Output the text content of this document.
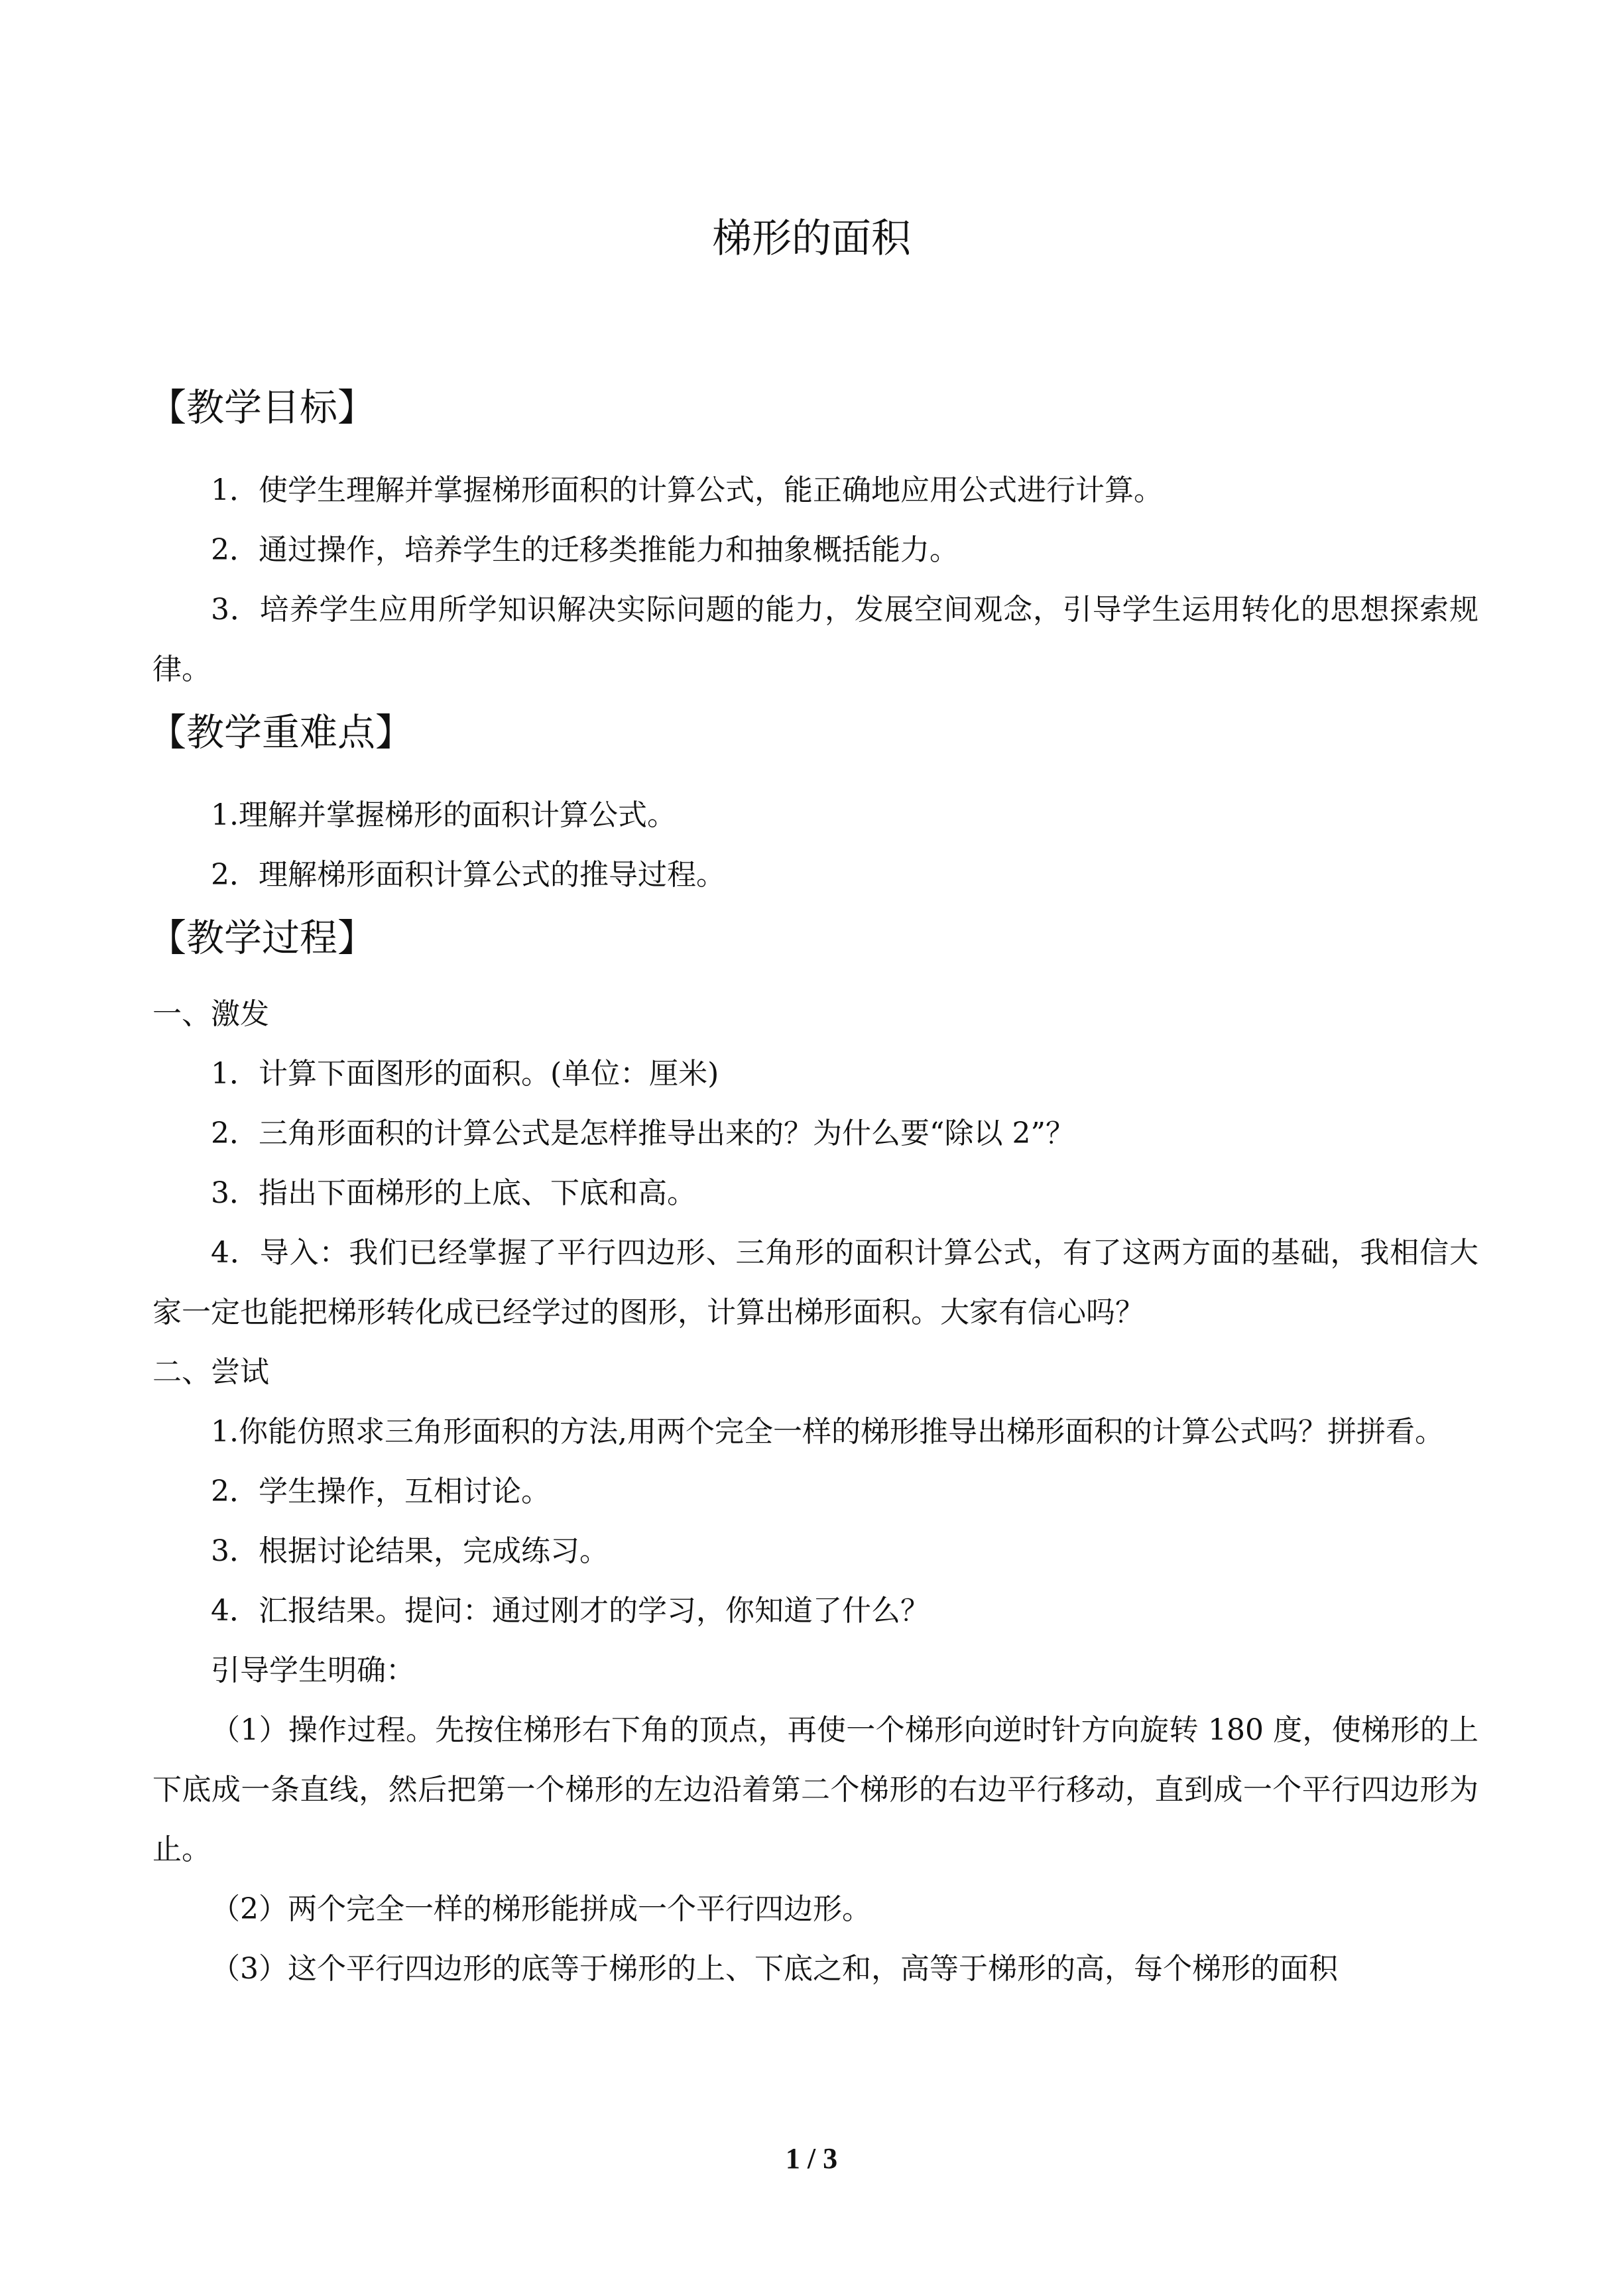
梯形的面积

【教学目标】

1．使学生理解并掌握梯形面积的计算公式，能正确地应用公式进行计算。

2．通过操作，培养学生的迁移类推能力和抽象概括能力。

3．培养学生应用所学知识解决实际问题的能力，发展空间观念，引导学生运用转化的思想探索规律。

【教学重难点】

1.理解并掌握梯形的面积计算公式。

2．理解梯形面积计算公式的推导过程。

【教学过程】

一、激发

1．计算下面图形的面积。(单位：厘米)

2．三角形面积的计算公式是怎样推导出来的？为什么要“除以 2”？

3．指出下面梯形的上底、下底和高。

4．导入：我们已经掌握了平行四边形、三角形的面积计算公式，有了这两方面的基础，我相信大家一定也能把梯形转化成已经学过的图形，计算出梯形面积。大家有信心吗？

二、尝试

1.你能仿照求三角形面积的方法,用两个完全一样的梯形推导出梯形面积的计算公式吗？拼拼看。

2．学生操作，互相讨论。

3．根据讨论结果，完成练习。

4．汇报结果。提问：通过刚才的学习，你知道了什么？

引导学生明确：

（1）操作过程。先按住梯形右下角的顶点，再使一个梯形向逆时针方向旋转 180 度，使梯形的上下底成一条直线，然后把第一个梯形的左边沿着第二个梯形的右边平行移动，直到成一个平行四边形为止。

（2）两个完全一样的梯形能拼成一个平行四边形。

（3）这个平行四边形的底等于梯形的上、下底之和，高等于梯形的高，每个梯形的面积

1 / 3
